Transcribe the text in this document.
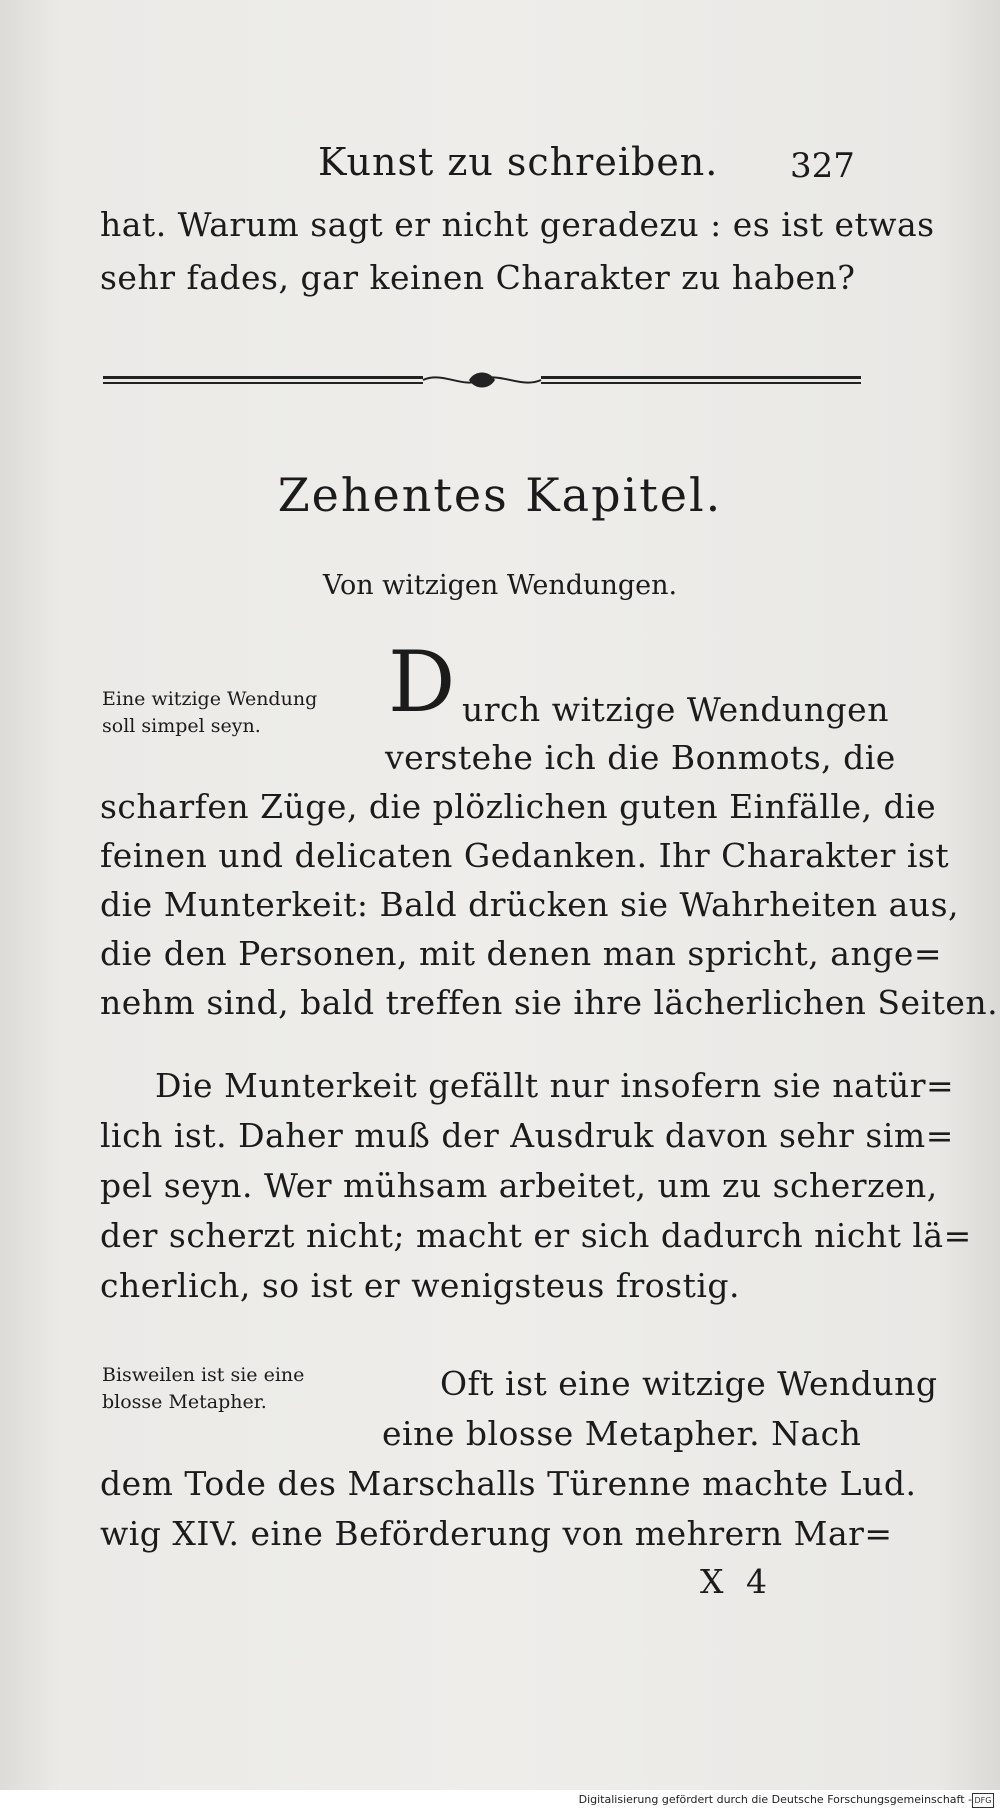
Kunst zu schreiben. 327
hat. Warum sagt er nicht geradezu : es ist etwas
sehr fades, gar keinen Charakter zu haben?
Zehentes Kapitel.
Von witzigen Wendungen.
Eine witzige Wendung
soll simpel seyn.	D urch witzige Wendungen
verstehe ich die Bonmots, die
scharfen Züge, die plözlichen guten Einfälle, die
feinen und delicaten Gedanken. Ihr Charakter ist
die Munterkeit: Bald drücken sie Wahrheiten aus,
die den Personen, mit denen man spricht, ange=
nehm sind, bald treffen sie ihre lächerlichen Seiten.
Die Munterkeit gefällt nur insofern sie natür=
lich ist. Daher muß der Ausdruk davon sehr sim=
pel seyn. Wer mühsam arbeitet, um zu scherzen,
der scherzt nicht; macht er sich dadurch nicht lä=
cherlich, so ist er wenigsteus frostig.
Bisweilen ist sie eine
blosse Metapher.	Oft ist eine witzige Wendung
eine blosse Metapher. Nach
dem Tode des Marschalls Türenne machte Lud.
wig XIV. eine Beförderung von mehrern Mar=
X 4
Digitalisierung gefördert durch die Deutsche Forschungsgemeinschaft - DFG
